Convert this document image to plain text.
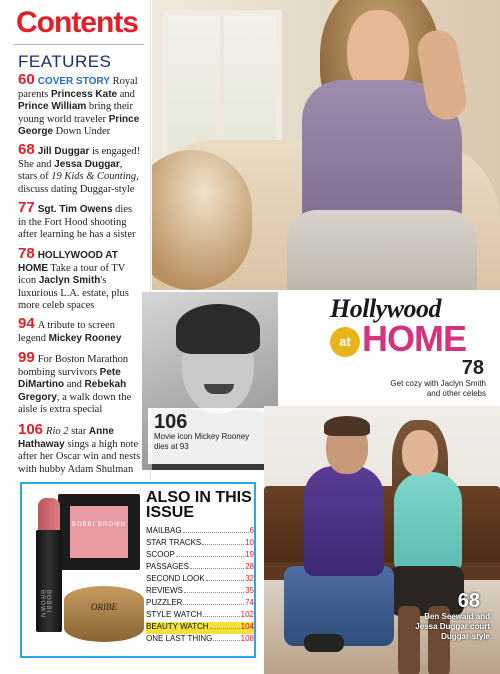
Contents
FEATURES
60 COVER STORY Royal parents Princess Kate and Prince William bring their young world traveler Prince George Down Under
68 Jill Duggar is engaged! She and Jessa Duggar, stars of 19 Kids & Counting, discuss dating Duggar-style
77 Sgt. Tim Owens dies in the Fort Hood shooting after learning he has a sister
78 HOLLYWOOD AT HOME Take a tour of TV icon Jaclyn Smith's luxurious L.A. estate, plus more celeb spaces
94 A tribute to screen legend Mickey Rooney
99 For Boston Marathon bombing survivors Pete DiMartino and Rebekah Gregory, a walk down the aisle is extra special
106 Rio 2 star Anne Hathaway sings a high note after her Oscar win and nests with hubby Adam Shulman
106
Movie icon Mickey Rooney dies at 93
Hollywood
at HOME
78
Get cozy with Jaclyn Smith and other celebs
68
Ben Seewald and Jessa Duggar court Duggar-style
BOBBI BROWN
BOBBI BROWN	ORIBE
ALSO IN THIS ISSUE
MAILBAG	6
STAR TRACKS	10
SCOOP	19
PASSAGES	28
SECOND LOOK	32
REVIEWS	35
PUZZLER	74
STYLE WATCH	102
BEAUTY WATCH	104
ONE LAST THING	108
